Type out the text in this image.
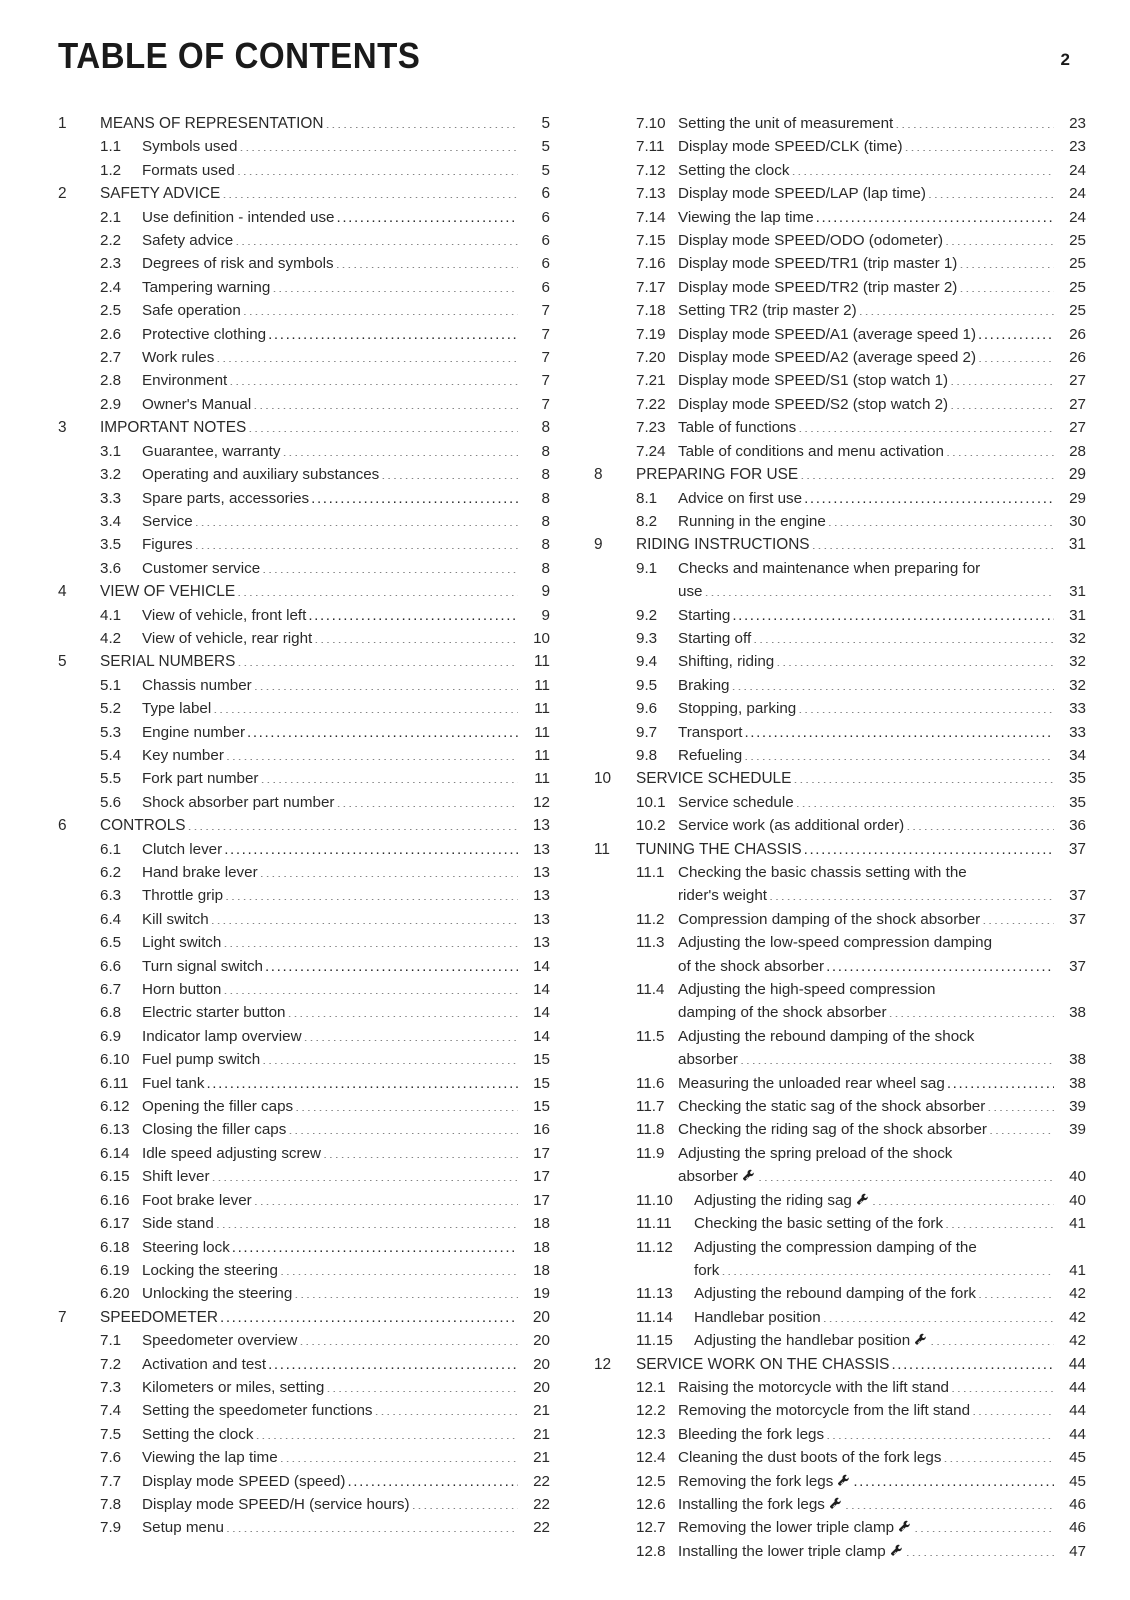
TABLE OF CONTENTS	2
1	MEANS OF REPRESENTATION .....	5
1.1	Symbols used .....	5
1.2	Formats used .....	5
2	SAFETY ADVICE .....	6
2.1	Use definition - intended use .....	6
2.2	Safety advice .....	6
2.3	Degrees of risk and symbols .....	6
2.4	Tampering warning .....	6
2.5	Safe operation .....	7
2.6	Protective clothing .....	7
2.7	Work rules .....	7
2.8	Environment .....	7
2.9	Owner's Manual .....	7
3	IMPORTANT NOTES .....	8
3.1	Guarantee, warranty .....	8
3.2	Operating and auxiliary substances .....	8
3.3	Spare parts, accessories .....	8
3.4	Service .....	8
3.5	Figures .....	8
3.6	Customer service .....	8
4	VIEW OF VEHICLE .....	9
4.1	View of vehicle, front left .....	9
4.2	View of vehicle, rear right .....	10
5	SERIAL NUMBERS .....	11
5.1	Chassis number .....	11
5.2	Type label .....	11
5.3	Engine number .....	11
5.4	Key number .....	11
5.5	Fork part number .....	11
5.6	Shock absorber part number .....	12
6	CONTROLS .....	13
6.1	Clutch lever .....	13
6.2	Hand brake lever .....	13
6.3	Throttle grip .....	13
6.4	Kill switch .....	13
6.5	Light switch .....	13
6.6	Turn signal switch .....	14
6.7	Horn button .....	14
6.8	Electric starter button .....	14
6.9	Indicator lamp overview .....	14
6.10 Fuel pump switch .....	15
6.11 Fuel tank .....	15
6.12 Opening the filler caps .....	15
6.13 Closing the filler caps .....	16
6.14 Idle speed adjusting screw .....	17
6.15 Shift lever .....	17
6.16 Foot brake lever .....	17
6.17 Side stand .....	18
6.18 Steering lock .....	18
6.19 Locking the steering .....	18
6.20 Unlocking the steering .....	19
7	SPEEDOMETER .....	20
7.1	Speedometer overview .....	20
7.2	Activation and test .....	20
7.3	Kilometers or miles, setting .....	20
7.4	Setting the speedometer functions .....	21
7.5	Setting the clock .....	21
7.6	Viewing the lap time .....	21
7.7	Display mode SPEED (speed) .....	22
7.8	Display mode SPEED/H (service hours) .....	22
7.9	Setup menu .....	22
7.10 Setting the unit of measurement .....	23
7.11 Display mode SPEED/CLK (time) .....	23
7.12 Setting the clock .....	24
7.13 Display mode SPEED/LAP (lap time) .....	24
7.14 Viewing the lap time .....	24
7.15 Display mode SPEED/ODO (odometer) .....	25
7.16 Display mode SPEED/TR1 (trip master 1) .....	25
7.17 Display mode SPEED/TR2 (trip master 2) .....	25
7.18 Setting TR2 (trip master 2) .....	25
7.19 Display mode SPEED/A1 (average speed 1) .....	26
7.20 Display mode SPEED/A2 (average speed 2) .....	26
7.21 Display mode SPEED/S1 (stop watch 1) .....	27
7.22 Display mode SPEED/S2 (stop watch 2) .....	27
7.23 Table of functions .....	27
7.24 Table of conditions and menu activation .....	28
8	PREPARING FOR USE .....	29
8.1	Advice on first use .....	29
8.2	Running in the engine .....	30
9	RIDING INSTRUCTIONS .....	31
9.1	Checks and maintenance when preparing for
use .....	31
9.2	Starting .....	31
9.3	Starting off .....	32
9.4	Shifting, riding .....	32
9.5	Braking .....	32
9.6	Stopping, parking .....	33
9.7	Transport .....	33
9.8	Refueling .....	34
10	SERVICE SCHEDULE .....	35
10.1 Service schedule .....	35
10.2 Service work (as additional order) .....	36
11	TUNING THE CHASSIS .....	37
11.1 Checking the basic chassis setting with the
rider's weight .....	37
11.2 Compression damping of the shock absorber .....	37
11.3 Adjusting the low-speed compression damping
of the shock absorber .....	37
11.4 Adjusting the high-speed compression
damping of the shock absorber .....	38
11.5 Adjusting the rebound damping of the shock
absorber .....	38
11.6 Measuring the unloaded rear wheel sag .....	38
11.7 Checking the static sag of the shock absorber .....	39
11.8 Checking the riding sag of the shock absorber .....	39
11.9 Adjusting the spring preload of the shock
absorber .....	40
11.10	Adjusting the riding sag .....	40
11.11	Checking the basic setting of the fork .....	41
11.12	Adjusting the compression damping of the
fork .....	41
11.13	Adjusting the rebound damping of the fork .....	42
11.14	Handlebar position .....	42
11.15	Adjusting the handlebar position .....	42
12	SERVICE WORK ON THE CHASSIS .....	44
12.1 Raising the motorcycle with the lift stand .....	44
12.2 Removing the motorcycle from the lift stand .....	44
12.3 Bleeding the fork legs .....	44
12.4 Cleaning the dust boots of the fork legs .....	45
12.5 Removing the fork legs .....	45
12.6 Installing the fork legs .....	46
12.7 Removing the lower triple clamp .....	46
12.8 Installing the lower triple clamp .....	47
